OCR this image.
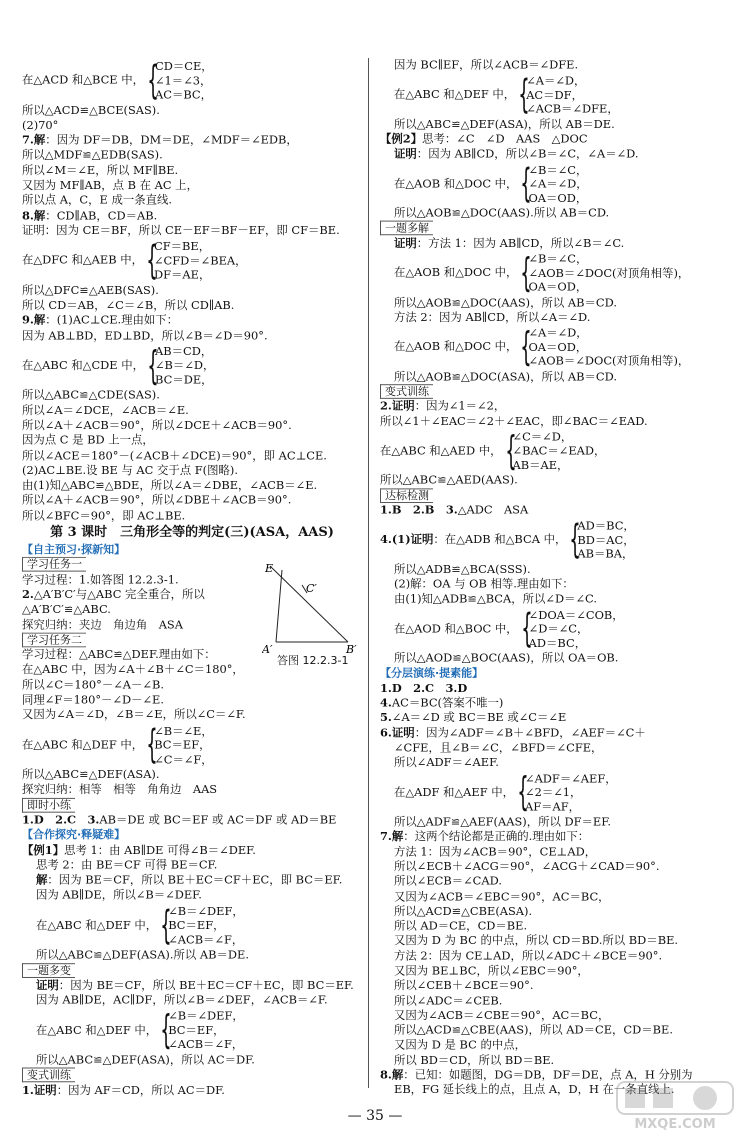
在△ACD 和△BCE 中， {
CD＝CE，
∠1＝∠3，
AC＝BC，
所以△ACD≌△BCE(SAS).
(2)70°
7.解：因为 DF＝DB，DM＝DE，∠MDF＝∠EDB，
所以△MDF≌△EDB(SAS).
所以∠M＝∠E，所以 MF∥BE.
又因为 MF∥AB，点 B 在 AC 上，
所以点 A，C，E 成一条直线.
8.解：CD∥AB，CD＝AB.
证明：因为 CE＝BF，所以 CE－EF＝BF－EF，即 CF＝BE.
在△DFC 和△AEB 中， {
CF＝BE，
∠CFD＝∠BEA，
DF＝AE，
所以△DFC≌△AEB(SAS).
所以 CD＝AB，∠C＝∠B，所以 CD∥AB.
9.解：(1)AC⊥CE.理由如下：
因为 AB⊥BD，ED⊥BD，所以∠B＝∠D＝90°.
在△ABC 和△CDE 中， {
AB＝CD，
∠B＝∠D，
BC＝DE，
所以△ABC≌△CDE(SAS).
所以∠A＝∠DCE，∠ACB＝∠E.
所以∠A＋∠ACB＝90°，所以∠DCE＋∠ACB＝90°.
因为点 C 是 BD 上一点，
所以∠ACE＝180°－(∠ACB＋∠DCE)＝90°，即 AC⊥CE.
(2)AC⊥BE.设 BE 与 AC 交于点 F(图略).
由(1)知△ABC≌△BDE，所以∠A＝∠DBE，∠ACB＝∠E.
所以∠A＋∠ACB＝90°，所以∠DBE＋∠ACB＝90°.
所以∠BFC＝90°，即 AC⊥BE.
第 3 课时　三角形全等的判定(三)(ASA，AAS)
【自主预习·探新知】
学习任务一
学习过程：1.如答图 12.2.3-1.
2.△A′B′C′与△ABC 完全重合，所以
△A′B′C′≌△ABC.
探究归纳：夹边　角边角　ASA
学习任务二
学习过程：△ABC≌△DEF.理由如下：
在△ABC 中，因为∠A＋∠B＋∠C＝180°，
所以∠C＝180°－∠A－∠B.
同理∠F＝180°－∠D－∠E.
又因为∠A＝∠D，∠B＝∠E，所以∠C＝∠F.
在△ABC 和△DEF 中， {
∠B＝∠E，
BC＝EF，
∠C＝∠F，
所以△ABC≌△DEF(ASA).
探究归纳：相等　相等　角角边　AAS
即时小练
1.D　2.C　3.AB＝DE 或 BC＝EF 或 AC＝DF 或 AD＝BE
【合作探究·释疑难】
【例1】思考 1：由 AB∥DE 可得∠B＝∠DEF.
思考 2：由 BE＝CF 可得 BE＝CF.
解：因为 BE＝CF，所以 BE＋EC＝CF＋EC，即 BC＝EF.
因为 AB∥DE，所以∠B＝∠DEF.
在△ABC 和△DEF 中， {
∠B＝∠DEF，
BC＝EF，
∠ACB＝∠F，
所以△ABC≌△DEF(ASA).所以 AB＝DE.
一题多变
证明：因为 BE＝CF，所以 BE＋EC＝CF＋EC，即 BC＝EF.
因为 AB∥DE，AC∥DF，所以∠B＝∠DEF，∠ACB＝∠F.
在△ABC 和△DEF 中， {
∠B＝∠DEF，
BC＝EF，
∠ACB＝∠F，
所以△ABC≌△DEF(ASA)，所以 AC＝DF.
变式训练
1.证明：因为 AF＝CD，所以 AC＝DF.
因为 BC∥EF，所以∠ACB＝∠DFE.
在△ABC 和△DEF 中， {
∠A＝∠D，
AC＝DF，
∠ACB＝∠DFE，
所以△ABC≌△DEF(ASA)，所以 AB＝DE.
【例2】思考：∠C　∠D　AAS　△DOC
证明：因为 AB∥CD，所以∠B＝∠C，∠A＝∠D.
在△AOB 和△DOC 中， {
∠B＝∠C，
∠A＝∠D，
OA＝OD，
所以△AOB≌△DOC(AAS).所以 AB＝CD.
一题多解
证明：方法 1：因为 AB∥CD，所以∠B＝∠C.
在△AOB 和△DOC 中， {
∠B＝∠C，
∠AOB＝∠DOC(对顶角相等)，
OA＝OD，
所以△AOB≌△DOC(AAS)，所以 AB＝CD.
方法 2：因为 AB∥CD，所以∠A＝∠D.
在△AOB 和△DOC 中， {
∠A＝∠D，
OA＝OD，
∠AOB＝∠DOC(对顶角相等)，
所以△AOB≌△DOC(ASA)，所以 AB＝CD.
变式训练
2.证明：因为∠1＝∠2，
所以∠1＋∠EAC＝∠2＋∠EAC，即∠BAC＝∠EAD.
在△ABC 和△AED 中， {
∠C＝∠D，
∠BAC＝∠EAD，
AB＝AE，
所以△ABC≌△AED(AAS).
达标检测
1.B　2.B　3.△ADC　ASA
4.(1)证明：在△ADB 和△BCA 中， {
AD＝BC，
BD＝AC，
AB＝BA，
所以△ADB≌△BCA(SSS).
(2)解：OA 与 OB 相等.理由如下：
由(1)知△ADB≌△BCA，所以∠D＝∠C.
在△AOD 和△BOC 中， {
∠DOA＝∠COB，
∠D＝∠C，
AD＝BC，
所以△AOD≌△BOC(AAS)，所以 OA＝OB.
【分层演练·提素能】
1.D　2.C　3.D
4.AC＝BC(答案不唯一)
5.∠A＝∠D 或 BC＝BE 或∠C＝∠E
6.证明：因为∠ADF＝∠B＋∠BFD，∠AEF＝∠C＋
∠CFE，且∠B＝∠C，∠BFD＝∠CFE，
所以∠ADF＝∠AEF.
在△ADF 和△AEF 中， {
∠ADF＝∠AEF，
∠2＝∠1，
AF＝AF，
所以△ADF≌△AEF(AAS)，所以 DF＝EF.
7.解：这两个结论都是正确的.理由如下：
方法 1：因为∠ACB＝90°，CE⊥AD，
所以∠ECB＋∠ACG＝90°，∠ACG＋∠CAD＝90°.
所以∠ECB＝∠CAD.
又因为∠ACB＝∠EBC＝90°，AC＝BC，
所以△ACD≌△CBE(ASA).
所以 AD＝CE，CD＝BE.
又因为 D 为 BC 的中点，所以 CD＝BD.所以 BD＝BE.
方法 2：因为 CE⊥AD，所以∠ADC＋∠BCE＝90°.
又因为 BE⊥BC，所以∠EBC＝90°，
所以∠CEB＋∠BCE＝90°.
所以∠ADC＝∠CEB.
又因为∠ACB＝∠CBE＝90°，AC＝BC，
所以△ACD≌△CBE(AAS)，所以 AD＝CE，CD＝BE.
又因为 D 是 BC 的中点，
所以 BD＝CD，所以 BD＝BE.
8.解：已知：如题图，DG＝DB，DF＝DE，点 A，H 分别为
EB，FG 延长线上的点，且点 A，D，H 在一条直线上.
E
C′
A′	B′
答图 12.2.3-1
— 35 —
MXQE.COM
